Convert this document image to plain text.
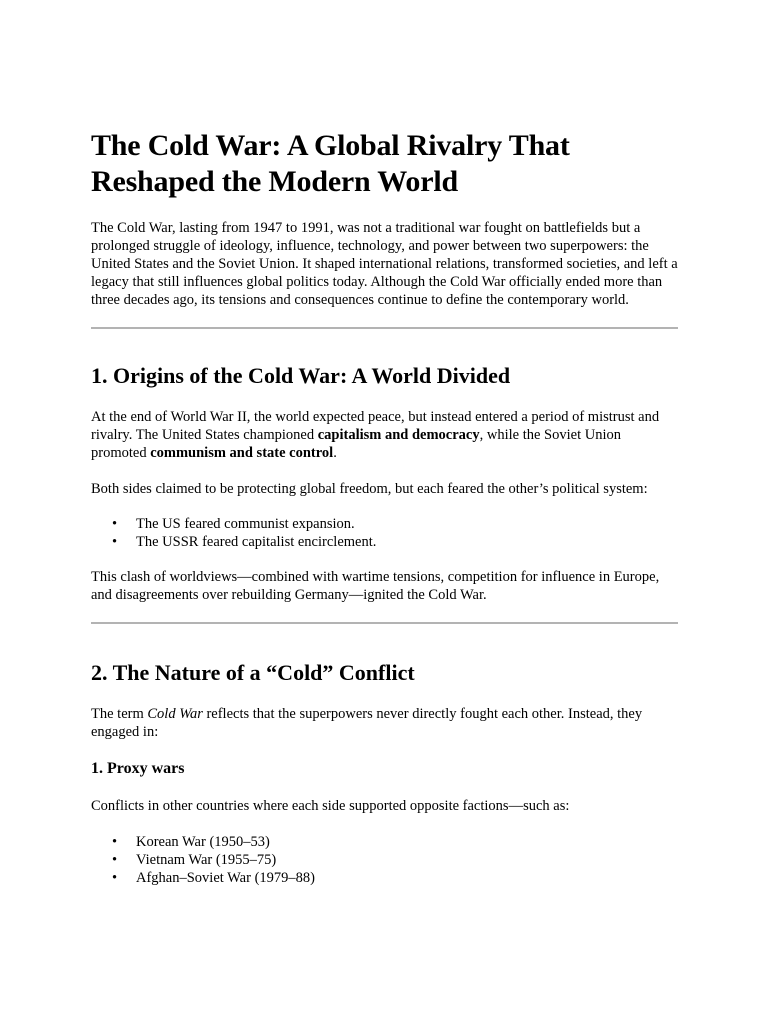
The Cold War: A Global Rivalry That Reshaped the Modern World

The Cold War, lasting from 1947 to 1991, was not a traditional war fought on battlefields but a prolonged struggle of ideology, influence, technology, and power between two superpowers: the United States and the Soviet Union. It shaped international relations, transformed societies, and left a legacy that still influences global politics today. Although the Cold War officially ended more than three decades ago, its tensions and consequences continue to define the contemporary world.

1. Origins of the Cold War: A World Divided

At the end of World War II, the world expected peace, but instead entered a period of mistrust and rivalry. The United States championed capitalism and democracy, while the Soviet Union promoted communism and state control.

Both sides claimed to be protecting global freedom, but each feared the other’s political system:

• The US feared communist expansion.
• The USSR feared capitalist encirclement.

This clash of worldviews—combined with wartime tensions, competition for influence in Europe, and disagreements over rebuilding Germany—ignited the Cold War.

2. The Nature of a “Cold” Conflict

The term Cold War reflects that the superpowers never directly fought each other. Instead, they engaged in:

1. Proxy wars

Conflicts in other countries where each side supported opposite factions—such as:

• Korean War (1950–53)
• Vietnam War (1955–75)
• Afghan–Soviet War (1979–88)
